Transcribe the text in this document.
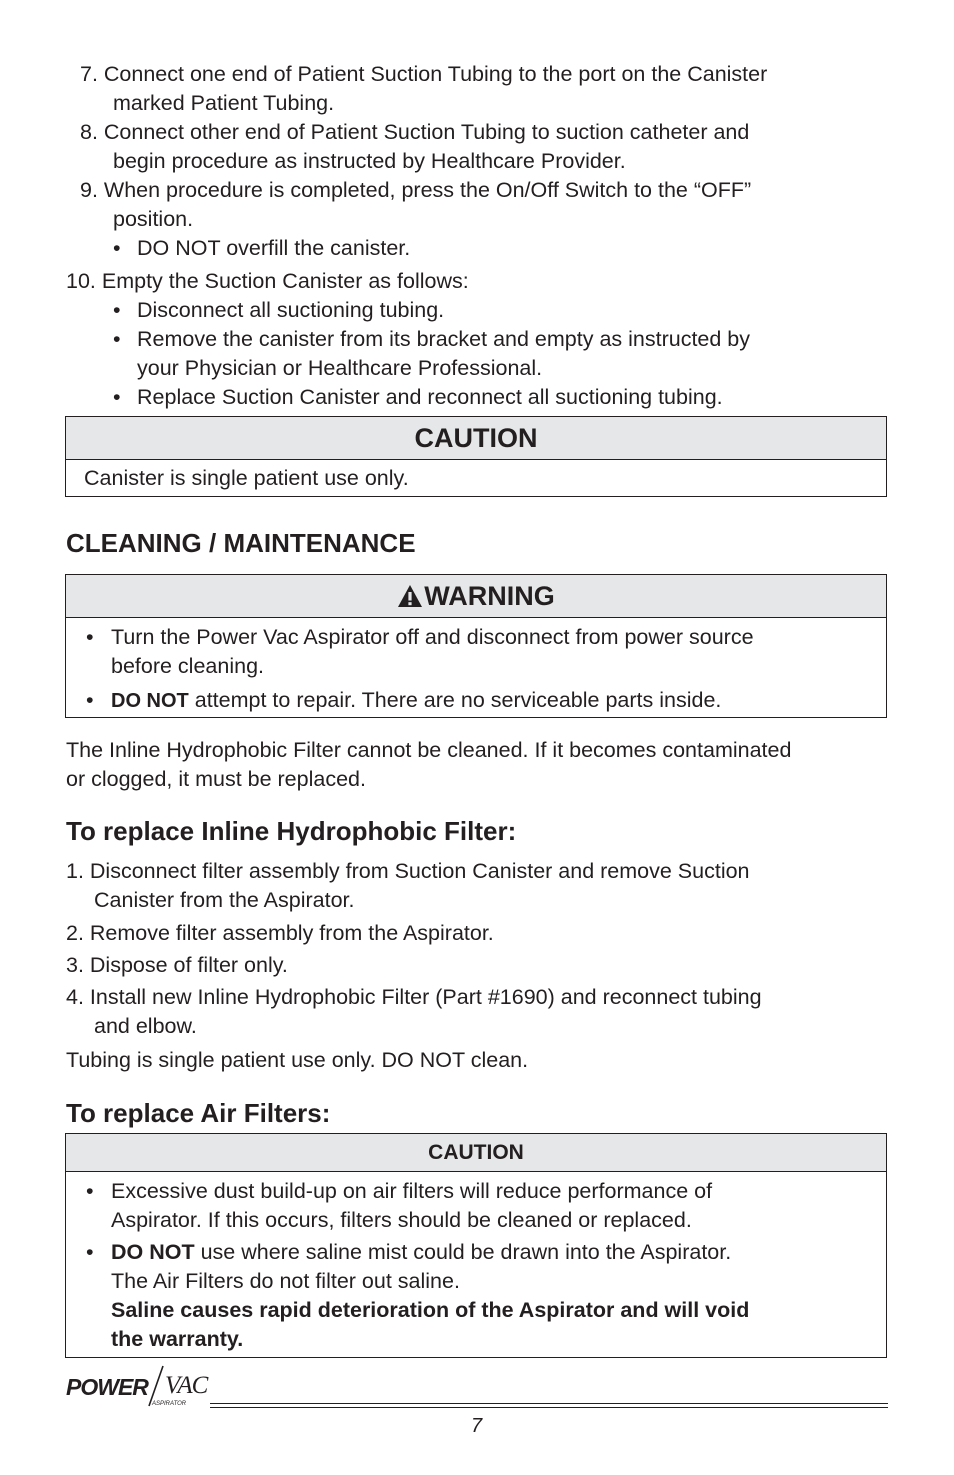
7. Connect one end of Patient Suction Tubing to the port on the Canister
marked Patient Tubing.
8. Connect other end of Patient Suction Tubing to suction catheter and
begin procedure as instructed by Healthcare Provider.
9. When procedure is completed, press the On/Off Switch to the “OFF”
position.
• DO NOT overfill the canister.
10. Empty the Suction Canister as follows:
• Disconnect all suctioning tubing.
• Remove the canister from its bracket and empty as instructed by
your Physician or Healthcare Professional.
• Replace Suction Canister and reconnect all suctioning tubing.
CAUTION
Canister is single patient use only.
CLEANING / MAINTENANCE
WARNING
• Turn the Power Vac Aspirator off and disconnect from power source
before cleaning.
• DO NOT attempt to repair. There are no serviceable parts inside.
The Inline Hydrophobic Filter cannot be cleaned. If it becomes contaminated
or clogged, it must be replaced.
To replace Inline Hydrophobic Filter:
1. Disconnect filter assembly from Suction Canister and remove Suction
Canister from the Aspirator.
2. Remove filter assembly from the Aspirator.
3. Dispose of filter only.
4. Install new Inline Hydrophobic Filter (Part #1690) and reconnect tubing
and elbow.
Tubing is single patient use only. DO NOT clean.
To replace Air Filters:
CAUTION
• Excessive dust build-up on air filters will reduce performance of
Aspirator. If this occurs, filters should be cleaned or replaced.
• DO NOT use where saline mist could be drawn into the Aspirator.
The Air Filters do not filter out saline.
Saline causes rapid deterioration of the Aspirator and will void
the warranty.
POWER VAC
ASPIRATOR
7
